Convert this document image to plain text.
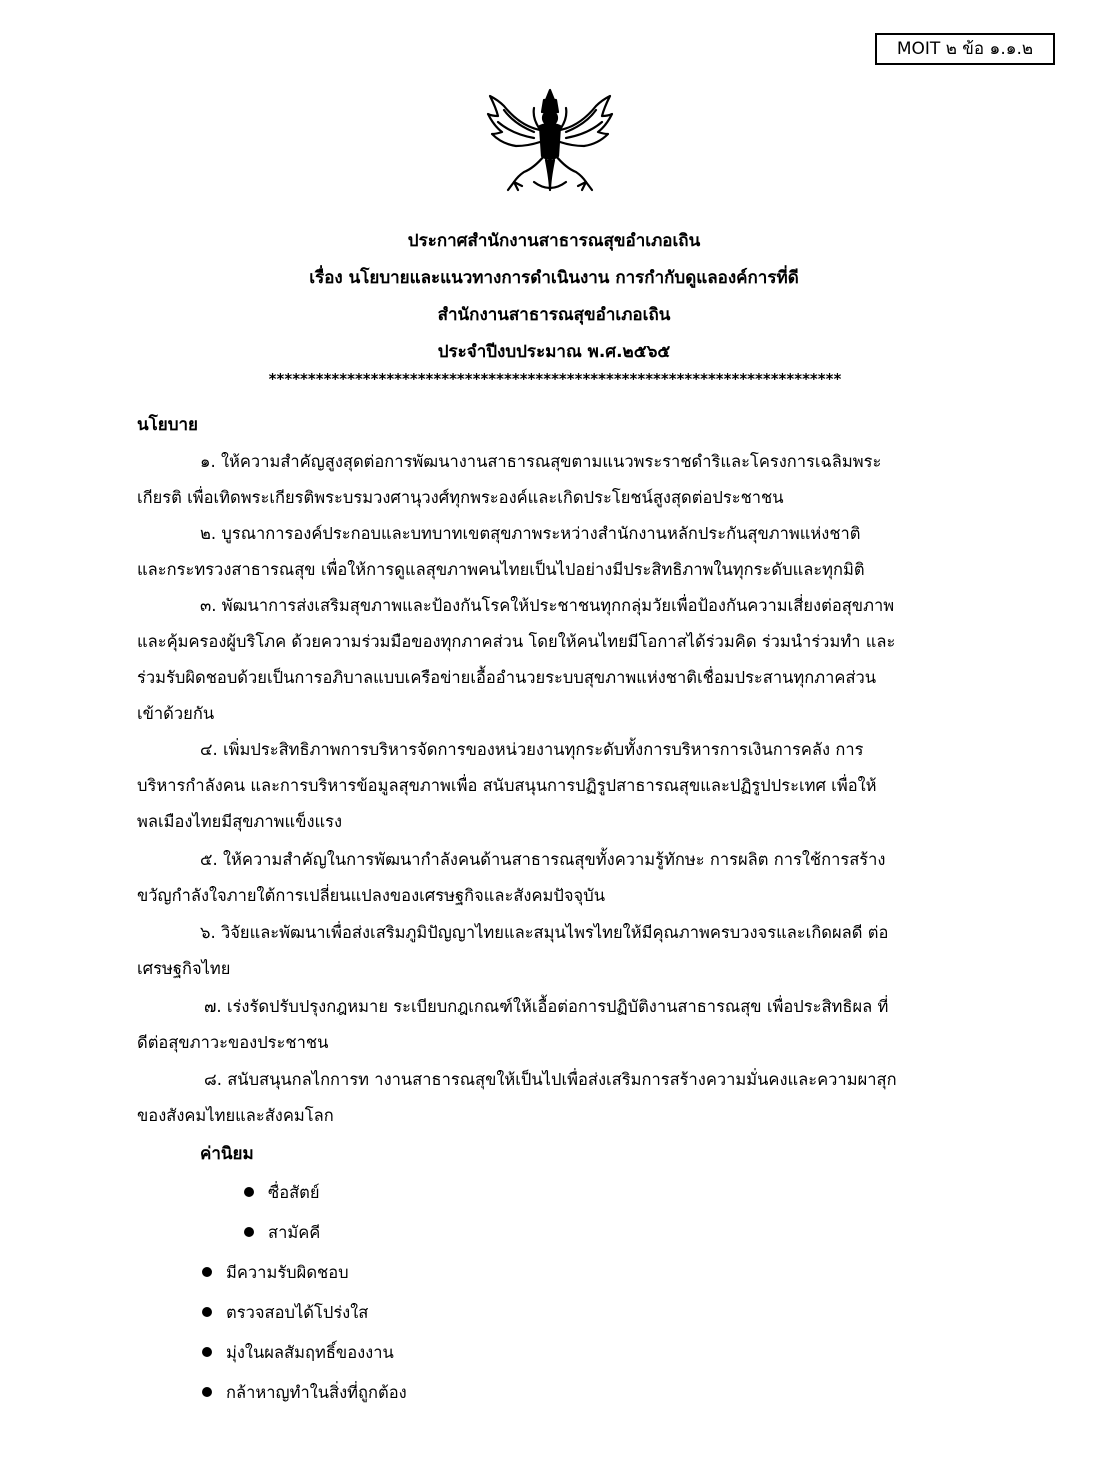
MOIT ๒ ข้อ ๑.๑.๒
ประกาศสำนักงานสาธารณสุขอำเภอเถิน
เรื่อง นโยบายและแนวทางการดำเนินงาน การกำกับดูแลองค์การที่ดี
สำนักงานสาธารณสุขอำเภอเถิน
ประจำปีงบประมาณ พ.ศ.๒๕๖๕
*************************************************************************
นโยบาย
๑. ให้ความสำคัญสูงสุดต่อการพัฒนางานสาธารณสุขตามแนวพระราชดำริและโครงการเฉลิมพระ
เกียรติ เพื่อเทิดพระเกียรติพระบรมวงศานุวงศ์ทุกพระองค์และเกิดประโยชน์สูงสุดต่อประชาชน
๒. บูรณาการองค์ประกอบและบทบาทเขตสุขภาพระหว่างสำนักงานหลักประกันสุขภาพแห่งชาติ
และกระทรวงสาธารณสุข เพื่อให้การดูแลสุขภาพคนไทยเป็นไปอย่างมีประสิทธิภาพในทุกระดับและทุกมิติ
๓. พัฒนาการส่งเสริมสุขภาพและป้องกันโรคให้ประชาชนทุกกลุ่มวัยเพื่อป้องกันความเสี่ยงต่อสุขภาพ
และคุ้มครองผู้บริโภค ด้วยความร่วมมือของทุกภาคส่วน โดยให้คนไทยมีโอกาสได้ร่วมคิด ร่วมนำร่วมทำ และ
ร่วมรับผิดชอบด้วยเป็นการอภิบาลแบบเครือข่ายเอื้ออำนวยระบบสุขภาพแห่งชาติเชื่อมประสานทุกภาคส่วน
เข้าด้วยกัน
๔. เพิ่มประสิทธิภาพการบริหารจัดการของหน่วยงานทุกระดับทั้งการบริหารการเงินการคลัง การ
บริหารกำลังคน และการบริหารข้อมูลสุขภาพเพื่อ สนับสนุนการปฏิรูปสาธารณสุขและปฏิรูปประเทศ เพื่อให้
พลเมืองไทยมีสุขภาพแข็งแรง
๕. ให้ความสำคัญในการพัฒนากำลังคนด้านสาธารณสุขทั้งความรู้ทักษะ การผลิต การใช้การสร้าง
ขวัญกำลังใจภายใต้การเปลี่ยนแปลงของเศรษฐกิจและสังคมปัจจุบัน
๖. วิจัยและพัฒนาเพื่อส่งเสริมภูมิปัญญาไทยและสมุนไพรไทยให้มีคุณภาพครบวงจรและเกิดผลดี ต่อ
เศรษฐกิจไทย
๗. เร่งรัดปรับปรุงกฎหมาย ระเบียบกฎเกณฑ์ให้เอื้อต่อการปฏิบัติงานสาธารณสุข เพื่อประสิทธิผล ที่
ดีต่อสุขภาวะของประชาชน
๘. สนับสนุนกลไกการท างานสาธารณสุขให้เป็นไปเพื่อส่งเสริมการสร้างความมั่นคงและความผาสุก
ของสังคมไทยและสังคมโลก
ค่านิยม
ซื่อสัตย์
สามัคคี
มีความรับผิดชอบ
ตรวจสอบได้โปร่งใส
มุ่งในผลสัมฤทธิ์ของงาน
กล้าหาญทำในสิ่งที่ถูกต้อง
